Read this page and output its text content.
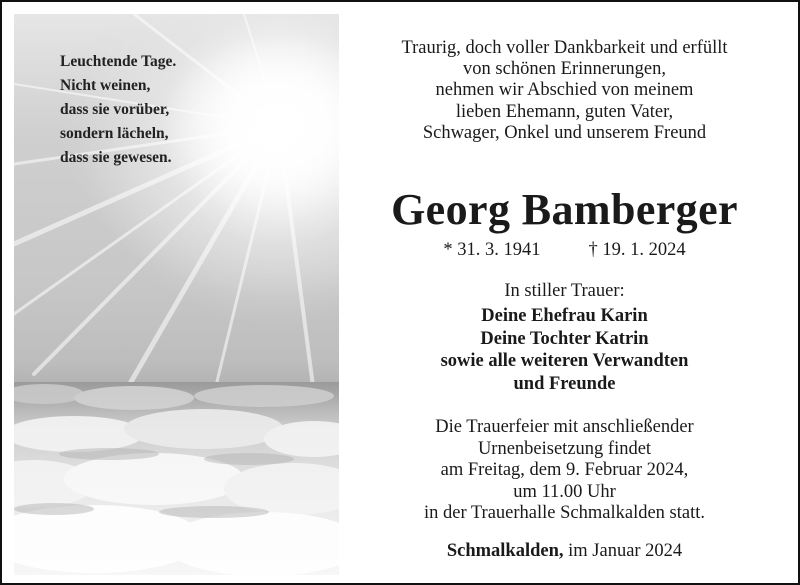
Leuchtende Tage.
Nicht weinen,
dass sie vorüber,
sondern lächeln,
dass sie gewesen.
Traurig, doch voller Dankbarkeit und erfüllt
von schönen Erinnerungen,
nehmen wir Abschied von meinem
lieben Ehemann, guten Vater,
Schwager, Onkel und unserem Freund
Georg Bamberger
* 31. 3. 1941	† 19. 1. 2024
In stiller Trauer:
Deine Ehefrau Karin
Deine Tochter Katrin
sowie alle weiteren Verwandten
und Freunde
Die Trauerfeier mit anschließender
Urnenbeisetzung findet
am Freitag, dem 9. Februar 2024,
um 11.00 Uhr
in der Trauerhalle Schmalkalden statt.
Schmalkalden, im Januar 2024
